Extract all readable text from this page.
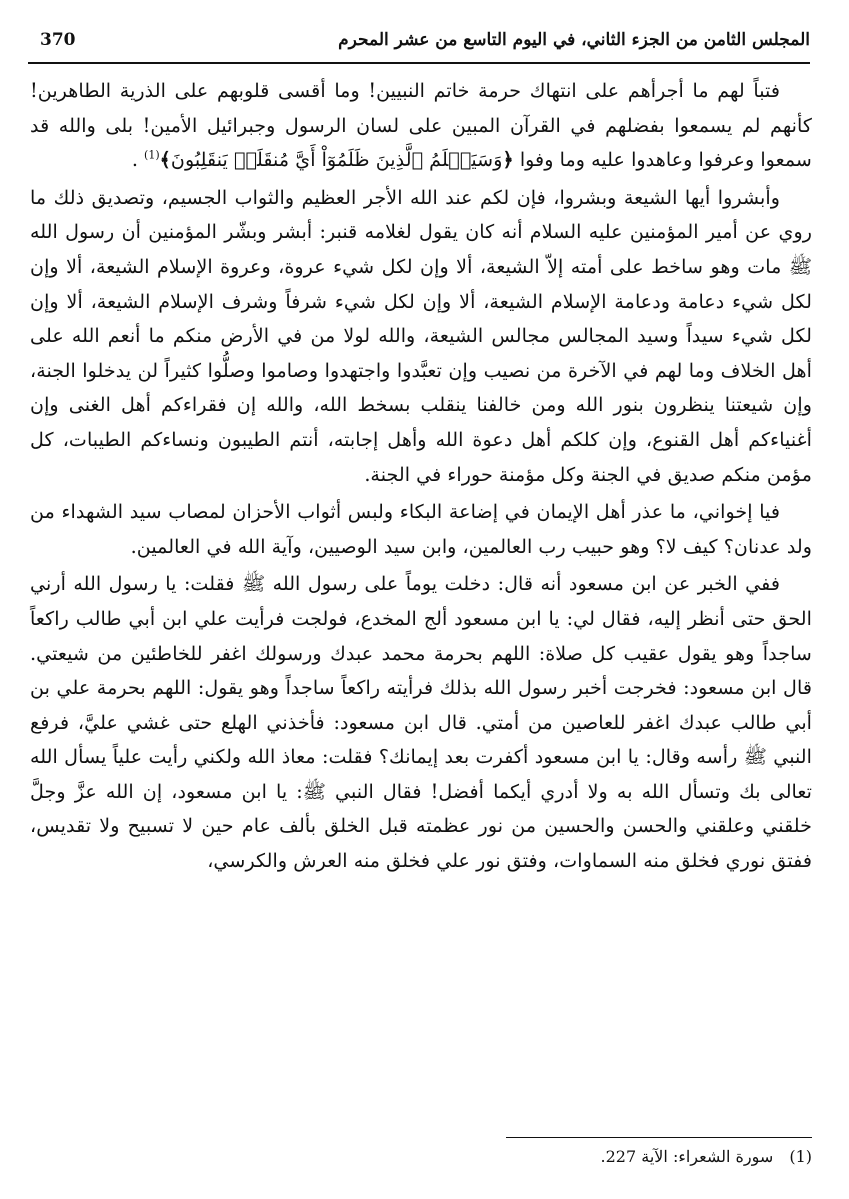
المجلس الثامن من الجزء الثاني، في اليوم التاسع من عشر المحرم
370

فتباً لهم ما أجرأهم على انتهاك حرمة خاتم النبيين! وما أقسى قلوبهم على الذرية الطاهرين! كأنهم لم يسمعوا بفضلهم في القرآن المبين على لسان الرسول وجبرائيل الأمين! بلى والله قد سمعوا وعرفوا وعاهدوا عليه وما وفوا ﴿وَسَيَعۡلَمُ ٱلَّذِينَ ظَلَمُوٓاْ أَيَّ مُنقَلَبٖ يَنقَلِبُونَ﴾$^{(1)}$ .

وأبشروا أيها الشيعة وبشروا، فإن لكم عند الله الأجر العظيم والثواب الجسيم، وتصديق ذلك ما روي عن أمير المؤمنين عليه السلام أنه كان يقول لغلامه قنبر: أبشر وبشّر المؤمنين أن رسول الله ﷺ مات وهو ساخط على أمته إلاّ الشيعة، ألا وإن لكل شيء عروة، وعروة الإسلام الشيعة، ألا وإن لكل شيء دعامة ودعامة الإسلام الشيعة، ألا وإن لكل شيء شرفاً وشرف الإسلام الشيعة، ألا وإن لكل شيء سيداً وسيد المجالس مجالس الشيعة، والله لولا من في الأرض منكم ما أنعم الله على أهل الخلاف وما لهم في الآخرة من نصيب وإن تعبَّدوا واجتهدوا وصاموا وصلُّوا كثيراً لن يدخلوا الجنة، وإن شيعتنا ينظرون بنور الله ومن خالفنا ينقلب بسخط الله، والله إن فقراءكم أهل الغنى وإن أغنياءكم أهل القنوع، وإن كلكم أهل دعوة الله وأهل إجابته، أنتم الطيبون ونساءكم الطيبات، كل مؤمن منكم صديق في الجنة وكل مؤمنة حوراء في الجنة.

فيا إخواني، ما عذر أهل الإيمان في إضاعة البكاء ولبس أثواب الأحزان لمصاب سيد الشهداء من ولد عدنان؟ كيف لا؟ وهو حبيب رب العالمين، وابن سيد الوصيين، وآية الله في العالمين.

ففي الخبر عن ابن مسعود أنه قال: دخلت يوماً على رسول الله ﷺ فقلت: يا رسول الله أرني الحق حتى أنظر إليه، فقال لي: يا ابن مسعود ألج المخدع، فولجت فرأيت علي ابن أبي طالب راكعاً ساجداً وهو يقول عقيب كل صلاة: اللهم بحرمة محمد عبدك ورسولك اغفر للخاطئين من شيعتي. قال ابن مسعود: فخرجت أخبر رسول الله بذلك فرأيته راكعاً ساجداً وهو يقول: اللهم بحرمة علي بن أبي طالب عبدك اغفر للعاصين من أمتي. قال ابن مسعود: فأخذني الهلع حتى غشي عليَّ، فرفع النبي ﷺ رأسه وقال: يا ابن مسعود أكفرت بعد إيمانك؟ فقلت: معاذ الله ولكني رأيت علياً يسأل الله تعالى بك وتسأل الله به ولا أدري أيكما أفضل! فقال النبي ﷺ: يا ابن مسعود، إن الله عزَّ وجلَّ خلقني وعلقني والحسن والحسين من نور عظمته قبل الخلق بألف عام حين لا تسبيح ولا تقديس، ففتق نوري فخلق منه السماوات، وفتق نور علي فخلق منه العرش والكرسي،

(1)سورة الشعراء: الآية 227.
